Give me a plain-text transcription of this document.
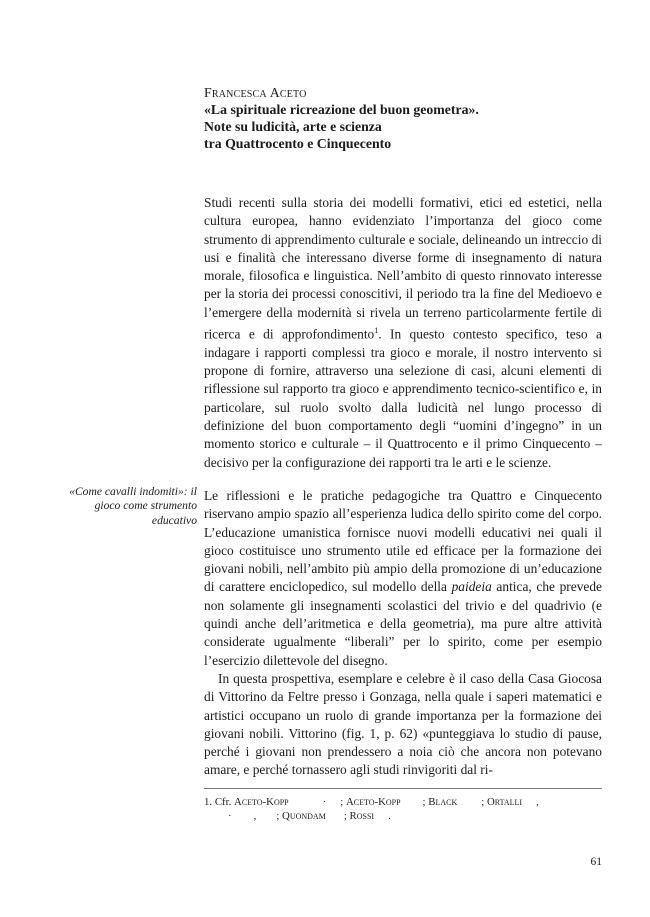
Francesca Aceto
«La spirituale ricreazione del buon geometra».
Note su ludicità, arte e scienza
tra Quattrocento e Cinquecento

Studi recenti sulla storia dei modelli formativi, etici ed estetici, nella cultura europea, hanno evidenziato l’importanza del gioco come strumento di apprendimento culturale e sociale, delineando un intreccio di usi e finalità che interessano diverse forme di insegnamento di natura morale, filosofica e linguistica. Nell’ambito di questo rinnovato interesse per la storia dei processi conoscitivi, il periodo tra la fine del Medioevo e l’emergere della modernità si rivela un terreno particolarmente fertile di ricerca e di approfondimento$^1$. In questo contesto specifico, teso a indagare i rapporti complessi tra gioco e morale, il nostro intervento si propone di fornire, attraverso una selezione di casi, alcuni elementi di riflessione sul rapporto tra gioco e apprendimento tecnico-scientifico e, in particolare, sul ruolo svolto dalla ludicità nel lungo processo di definizione del buon comportamento degli “uomini d’ingegno” in un momento storico e culturale – il Quattrocento e il primo Cinquecento – decisivo per la configurazione dei rapporti tra le arti e le scienze.

«Come cavalli indomiti»: il gioco come strumento educativo

Le riflessioni e le pratiche pedagogiche tra Quattro e Cinquecento riservano ampio spazio all’esperienza ludica dello spirito come del corpo. L’educazione umanistica fornisce nuovi modelli educativi nei quali il gioco costituisce uno strumento utile ed efficace per la formazione dei giovani nobili, nell’ambito più ampio della promozione di un’educazione di carattere enciclopedico, sul modello della paideia antica, che prevede non solamente gli insegnamenti scolastici del trivio e del quadrivio (e quindi anche dell’aritmetica e della geometria), ma pure altre attività considerate ugualmente “liberali” per lo spirito, come per esempio l’esercizio dilettevole del disegno.

In questa prospettiva, esemplare e celebre è il caso della Casa Giocosa di Vittorino da Feltre presso i Gonzaga, nella quale i saperi matematici e artistici occupano un ruolo di grande importanza per la formazione dei giovani nobili. Vittorino (fig. 1, p. 62) «punteggiava lo studio di pause, perché i giovani non prendessero a noia ciò che ancora non potevano amare, e perché tornassero agli studi rinvigoriti dal ri-

1. Cfr. Aceto-Kopp	· ; Aceto-Kopp ; Black ; Ortalli ,
· , ; Quondam ; Rossi .
61
